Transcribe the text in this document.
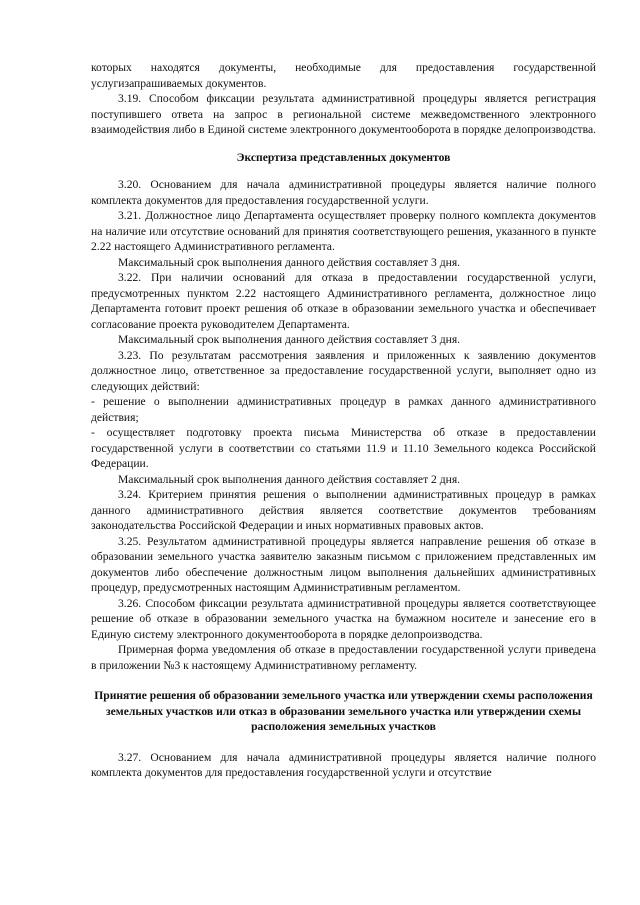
которых находятся документы, необходимые для предоставления государственной услугизапрашиваемых документов.

3.19. Способом фиксации результата административной процедуры является регистрация поступившего ответа на запрос в региональной системе межведомственного электронного взаимодействия либо в Единой системе электронного документооборота в порядке делопроизводства.

Экспертиза представленных документов

3.20. Основанием для начала административной процедуры является наличие полного комплекта документов для предоставления государственной услуги.

3.21. Должностное лицо Департамента осуществляет проверку полного комплекта документов на наличие или отсутствие оснований для принятия соответствующего решения, указанного в пункте 2.22 настоящего Административного регламента.

Максимальный срок выполнения данного действия составляет 3 дня.

3.22. При наличии оснований для отказа в предоставлении государственной услуги, предусмотренных пунктом 2.22 настоящего Административного регламента, должностное лицо Департамента готовит проект решения об отказе в образовании земельного участка и обеспечивает согласование проекта руководителем Департамента.

Максимальный срок выполнения данного действия составляет 3 дня.

3.23. По результатам рассмотрения заявления и приложенных к заявлению документов должностное лицо, ответственное за предоставление государственной услуги, выполняет одно из следующих действий:

- решение о выполнении административных процедур в рамках данного административного действия;

- осуществляет подготовку проекта письма Министерства об отказе в предоставлении государственной услуги в соответствии со статьями 11.9 и 11.10 Земельного кодекса Российской Федерации.

Максимальный срок выполнения данного действия составляет 2 дня.

3.24. Критерием принятия решения о выполнении административных процедур в рамках данного административного действия является соответствие документов требованиям законодательства Российской Федерации и иных нормативных правовых актов.

3.25. Результатом административной процедуры является направление решения об отказе в образовании земельного участка заявителю заказным письмом с приложением представленных им документов либо обеспечение должностным лицом выполнения дальнейших административных процедур, предусмотренных настоящим Административным регламентом.

3.26. Способом фиксации результата административной процедуры является соответствующее решение об отказе в образовании земельного участка на бумажном носителе и занесение его в Единую систему электронного документооборота в порядке делопроизводства.

Примерная форма уведомления об отказе в предоставлении государственной услуги приведена в приложении №3 к настоящему Административному регламенту.

Принятие решения об образовании земельного участка или утверждении схемы расположения земельных участков или отказ в образовании земельного участка или утверждении схемы расположения земельных участков

3.27. Основанием для начала административной процедуры является наличие полного комплекта документов для предоставления государственной услуги и отсутствие
